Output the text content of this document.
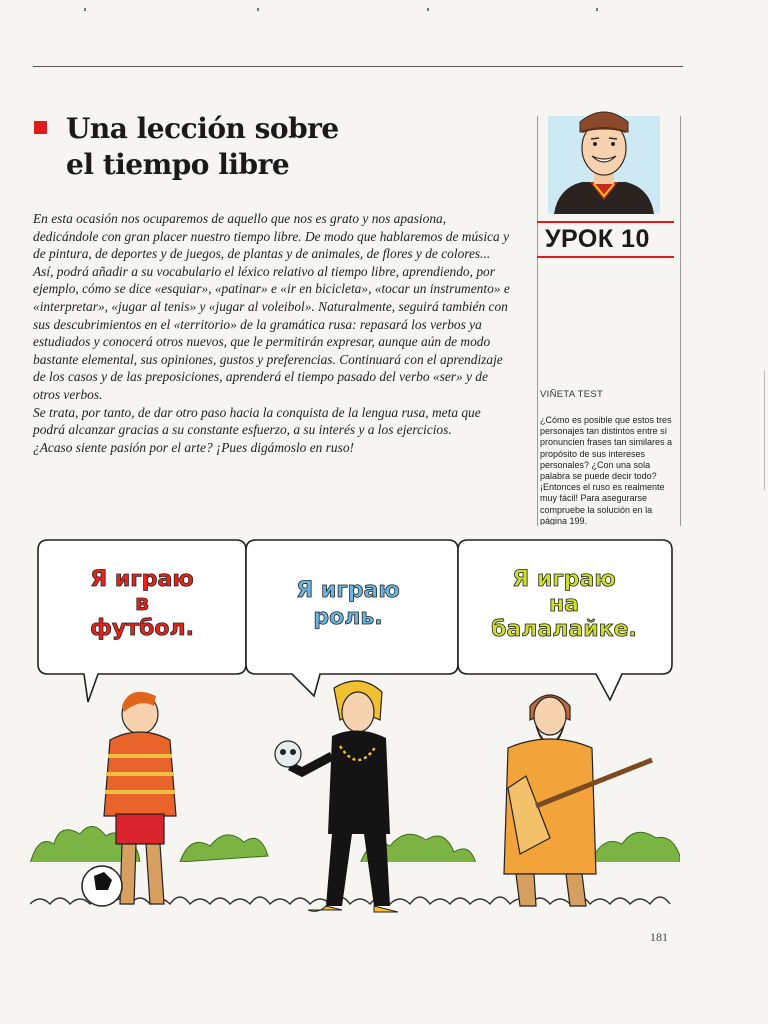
Una lección sobre
el tiempo libre

En esta ocasión nos ocuparemos de aquello que nos es grato y nos apasiona, dedicándole con gran placer nuestro tiempo libre. De modo que hablaremos de música y de pintura, de deportes y de juegos, de plantas y de animales, de flores y de colores... Así, podrá añadir a su vocabulario el léxico relativo al tiempo libre, aprendiendo, por ejemplo, cómo se dice «esquiar», «patinar» e «ir en bicicleta», «tocar un instrumento» e «interpretar», «jugar al tenis» y «jugar al voleibol». Naturalmente, seguirá también con sus descubrimientos en el «territorio» de la gramática rusa: repasará los verbos ya estudiados y conocerá otros nuevos, que le permitirán expresar, aunque aún de modo bastante elemental, sus opiniones, gustos y preferencias. Continuará con el aprendizaje de los casos y de las preposiciones, aprenderá el tiempo pasado del verbo «ser» y de otros verbos.

Se trata, por tanto, de dar otro paso hacia la conquista de la lengua rusa, meta que podrá alcanzar gracias a su constante esfuerzo, a su interés y a los ejercicios.

¿Acaso siente pasión por el arte? ¡Pues digámoslo en ruso!

УРОК 10
VIÑETA TEST
¿Cómo es posible que estos tres personajes tan distintos entre sí pronuncien frases tan similares a propósito de sus intereses personales? ¿Con una sola palabra se puede decir todo? ¡Entonces el ruso es realmente muy fácil! Para asegurarse compruebe la solución en la página 199.
Я играю
в
футбол.
Я играю
роль.
Я играю
на
балалайке.
181
